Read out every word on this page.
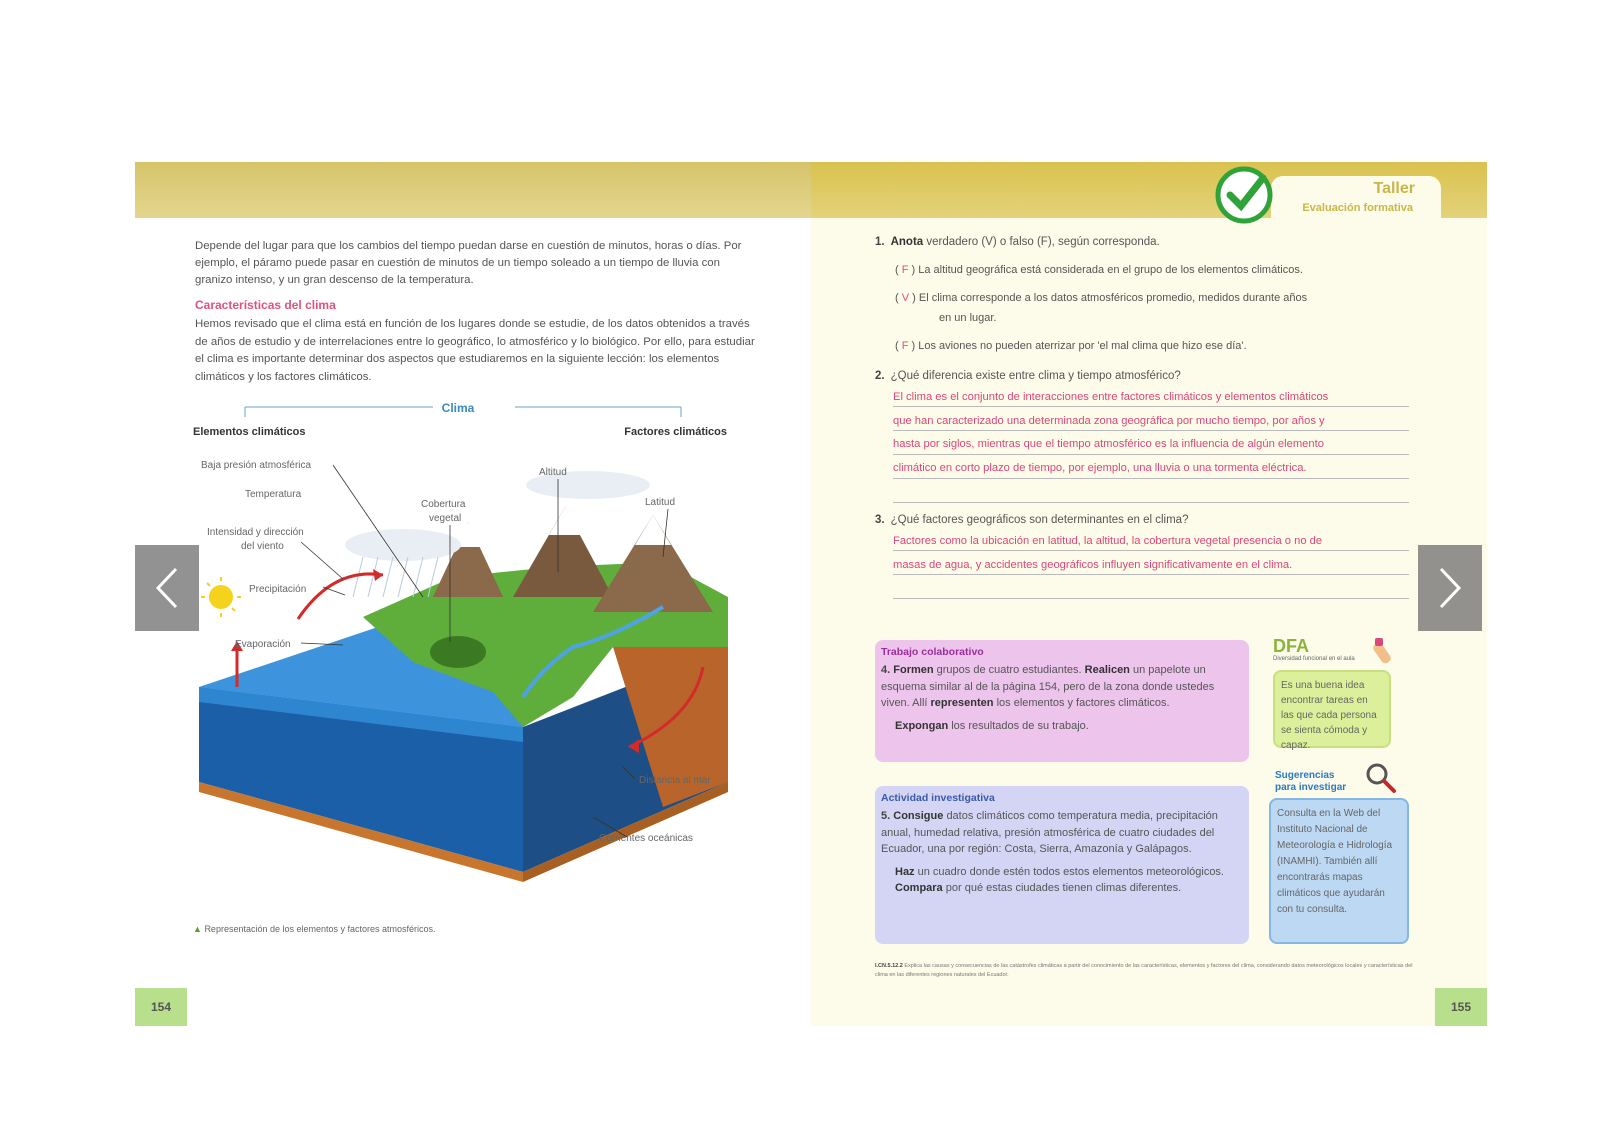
Depende del lugar para que los cambios del tiempo puedan darse en cuestión de minutos, horas o días. Por ejemplo, el páramo puede pasar en cuestión de minutos de un tiempo soleado a un tiempo de lluvia con granizo intenso, y un gran descenso de la temperatura.

Características del clima

Hemos revisado que el clima está en función de los lugares donde se estudie, de los datos obtenidos a través de años de estudio y de interrelaciones entre lo geográfico, lo atmosférico y lo biológico. Por ello, para estudiar el clima es importante determinar dos aspectos que estudiaremos en la siguiente lección: los elementos climáticos y los factores climáticos.

Clima
Elementos climáticos	Factores climáticos
Baja presión atmosférica
Temperatura
Intensidad y dirección
del viento
Precipitación
Evaporación
Cobertura
vegetal
Altitud
Latitud
Distancia al mar
Corrientes oceánicas
▲ Representación de los elementos y factores atmosféricos.
154
Taller
Evaluación formativa
1. Anota verdadero (V) o falso (F), según corresponda.
( F ) La altitud geográfica está considerada en el grupo de los elementos climáticos.
( V ) El clima corresponde a los datos atmosféricos promedio, medidos durante años
en un lugar.
( F ) Los aviones no pueden aterrizar por 'el mal clima que hizo ese día'.
2. ¿Qué diferencia existe entre clima y tiempo atmosférico?
El clima es el conjunto de interacciones entre factores climáticos y elementos climáticos
que han caracterizado una determinada zona geográfica por mucho tiempo, por años y
hasta por siglos, mientras que el tiempo atmosférico es la influencia de algún elemento
climático en corto plazo de tiempo, por ejemplo, una lluvia o una tormenta eléctrica.
3. ¿Qué factores geográficos son determinantes en el clima?
Factores como la ubicación en latitud, la altitud, la cobertura vegetal presencia o no de
masas de agua, y accidentes geográficos influyen significativamente en el clima.
Trabajo colaborativo
4. Formen grupos de cuatro estudiantes. Realicen un papelote un esquema similar al de la página 154, pero de la zona donde ustedes viven. Allí representen los elementos y factores climáticos.
Expongan los resultados de su trabajo.
Actividad investigativa
5. Consigue datos climáticos como temperatura media, precipitación anual, humedad relativa, presión atmosférica de cuatro ciudades del Ecuador, una por región: Costa, Sierra, Amazonía y Galápagos.
Haz un cuadro donde estén todos estos elementos meteorológicos. Compara por qué estas ciudades tienen climas diferentes.
DFA
Diversidad funcional en el aula
Es una buena idea encontrar tareas en las que cada persona se sienta cómoda y capaz.
Sugerencias
para investigar
Consulta en la Web del Instituto Nacional de Meteorología e Hidrología (INAMHI). También allí encontrarás mapas climáticos que ayudarán con tu consulta.
I.CN.5.12.2 Explica las causas y consecuencias de las catástrofes climáticas a partir del conocimiento de las características, elementos y factores del clima, considerando datos meteorológicos locales y características del clima en las diferentes regiones naturales del Ecuador.
155
